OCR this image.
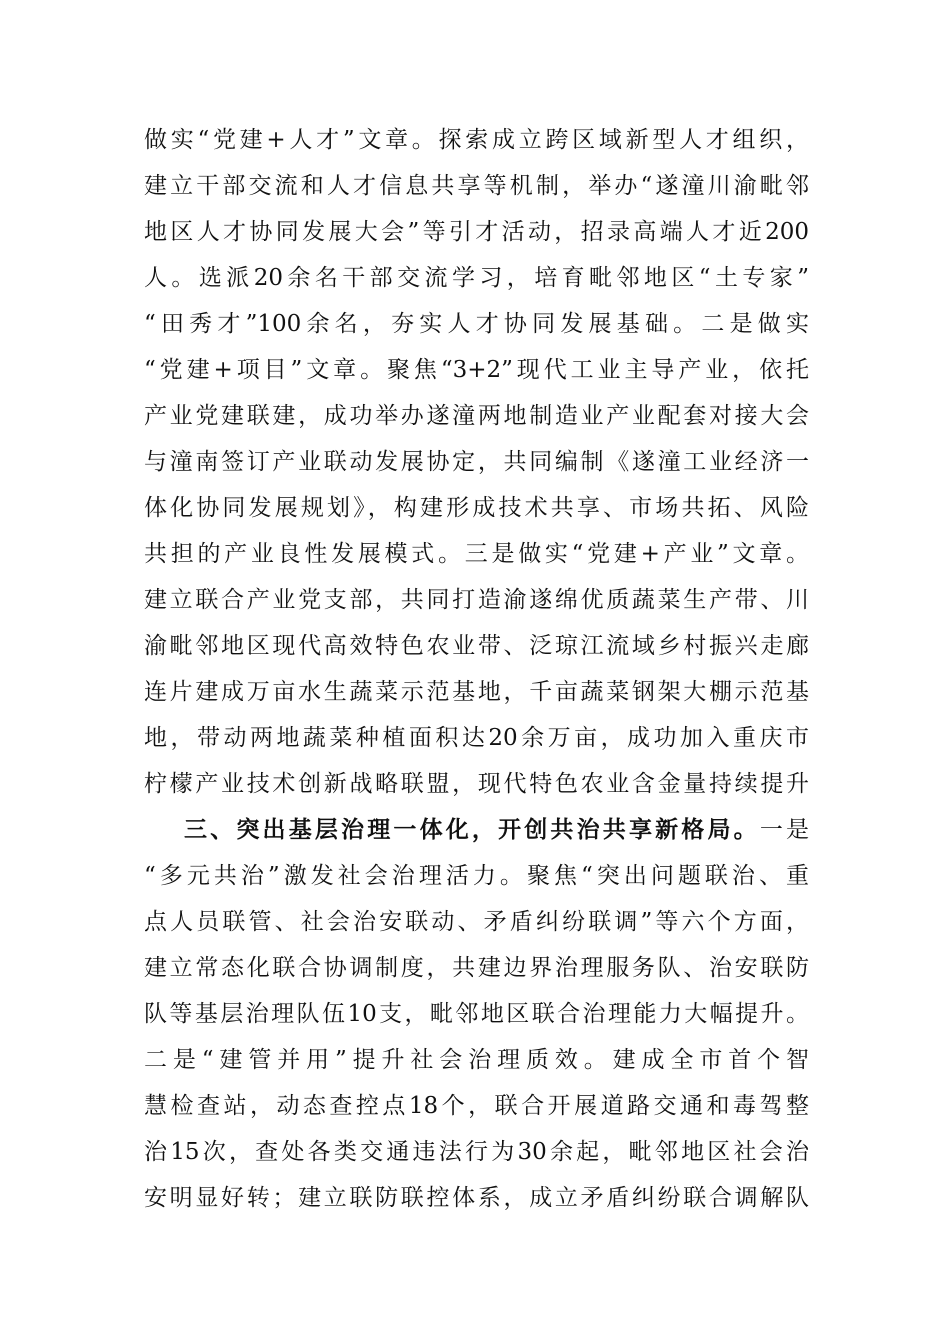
做实“党建+人才”文章。探索成立跨区域新型人才组织，
建立干部交流和人才信息共享等机制，举办“遂潼川渝毗邻
地区人才协同发展大会”等引才活动，招录高端人才近200
人。选派20余名干部交流学习，培育毗邻地区“土专家”
“田秀才”100余名，夯实人才协同发展基础。二是做实
“党建+项目”文章。聚焦“3+2”现代工业主导产业，依托
产业党建联建，成功举办遂潼两地制造业产业配套对接大会
与潼南签订产业联动发展协定，共同编制《遂潼工业经济一
体化协同发展规划》，构建形成技术共享、市场共拓、风险
共担的产业良性发展模式。三是做实“党建+产业”文章。
建立联合产业党支部，共同打造渝遂绵优质蔬菜生产带、川
渝毗邻地区现代高效特色农业带、泛琼江流域乡村振兴走廊
连片建成万亩水生蔬菜示范基地，千亩蔬菜钢架大棚示范基
地，带动两地蔬菜种植面积达20余万亩，成功加入重庆市
柠檬产业技术创新战略联盟，现代特色农业含金量持续提升
三、突出基层治理一体化，开创共治共享新格局。一是
“多元共治”激发社会治理活力。聚焦“突出问题联治、重
点人员联管、社会治安联动、矛盾纠纷联调”等六个方面，
建立常态化联合协调制度，共建边界治理服务队、治安联防
队等基层治理队伍10支，毗邻地区联合治理能力大幅提升。
二是“建管并用”提升社会治理质效。建成全市首个智
慧检查站，动态查控点18个，联合开展道路交通和毒驾整
治15次，查处各类交通违法行为30余起，毗邻地区社会治
安明显好转；建立联防联控体系，成立矛盾纠纷联合调解队
